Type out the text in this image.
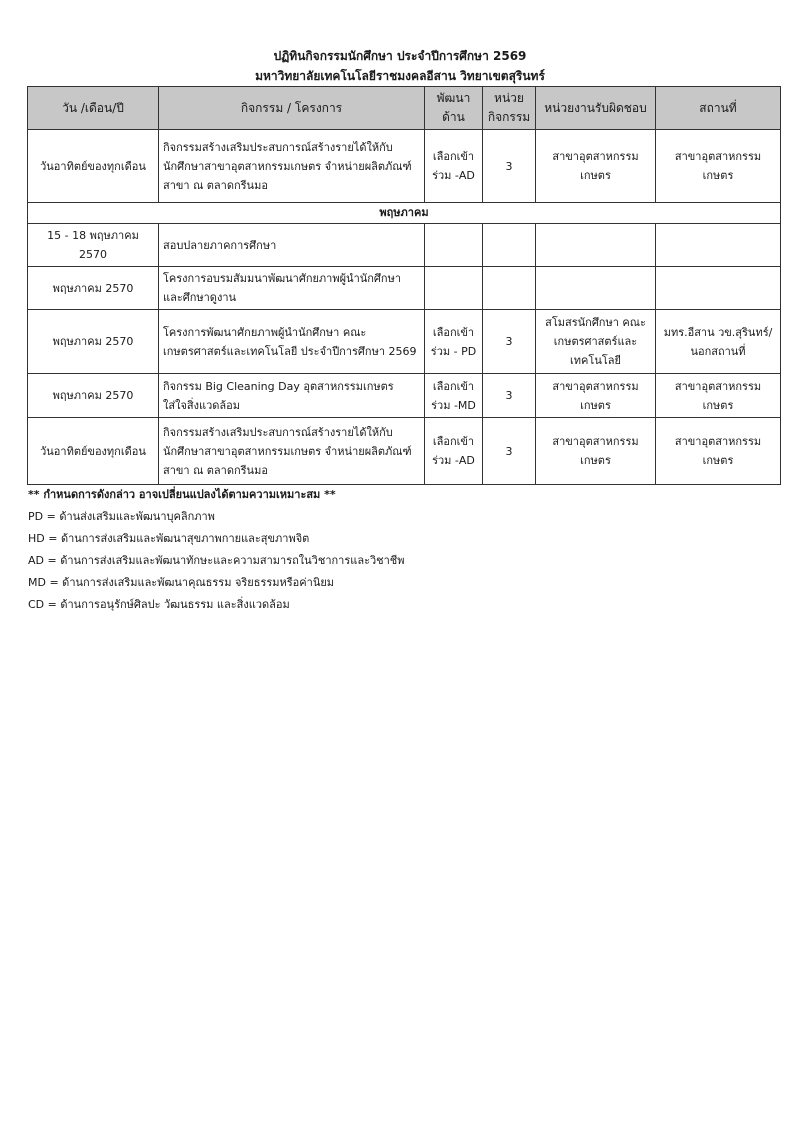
ปฏิทินกิจกรรมนักศึกษา ประจำปีการศึกษา 2569
มหาวิทยาลัยเทคโนโลยีราชมงคลอีสาน วิทยาเขตสุรินทร์
วัน /เดือน/ปี	กิจกรรม / โครงการ	พัฒนาด้าน	หน่วย กิจกรรม	หน่วยงานรับผิดชอบ	สถานที่
วันอาทิตย์ของทุกเดือน	กิจกรรมสร้างเสริมประสบการณ์สร้างรายได้ให้กับนักศึกษาสาขาอุตสาหกรรมเกษตร จำหน่ายผลิตภัณฑ์สาขา ณ ตลาดกรีนมอ	เลือกเข้าร่วม -AD	3	สาขาอุตสาหกรรมเกษตร	สาขาอุตสาหกรรมเกษตร
พฤษภาคม					
15 - 18 พฤษภาคม 2570	สอบปลายภาคการศึกษา				
พฤษภาคม 2570	โครงการอบรมสัมมนาพัฒนาศักยภาพผู้นำนักศึกษา และศึกษาดูงาน				
พฤษภาคม 2570	โครงการพัฒนาศักยภาพผู้นำนักศึกษา คณะเกษตรศาสตร์และเทคโนโลยี ประจำปีการศึกษา 2569	เลือกเข้าร่วม - PD	3	สโมสรนักศึกษา คณะเกษตรศาสตร์และเทคโนโลยี	มทร.อีสาน วข.สุรินทร์/ นอกสถานที่
พฤษภาคม 2570	กิจกรรม Big Cleaning Day อุตสาหกรรมเกษตร ใส่ใจสิ่งแวดล้อม	เลือกเข้าร่วม -MD	3	สาขาอุตสาหกรรมเกษตร	สาขาอุตสาหกรรมเกษตร
วันอาทิตย์ของทุกเดือน	กิจกรรมสร้างเสริมประสบการณ์สร้างรายได้ให้กับนักศึกษาสาขาอุตสาหกรรมเกษตร จำหน่ายผลิตภัณฑ์สาขา ณ ตลาดกรีนมอ	เลือกเข้าร่วม -AD	3	สาขาอุตสาหกรรมเกษตร	สาขาอุตสาหกรรมเกษตร
** กำหนดการดังกล่าว อาจเปลี่ยนแปลงได้ตามความเหมาะสม **
PD = ด้านส่งเสริมและพัฒนาบุคลิกภาพ
HD = ด้านการส่งเสริมและพัฒนาสุขภาพกายและสุขภาพจิต
AD = ด้านการส่งเสริมและพัฒนาทักษะและความสามารถในวิชาการและวิชาชีพ
MD = ด้านการส่งเสริมและพัฒนาคุณธรรม จริยธรรมหรือค่านิยม
CD = ด้านการอนุรักษ์ศิลปะ วัฒนธรรม และสิ่งแวดล้อม
